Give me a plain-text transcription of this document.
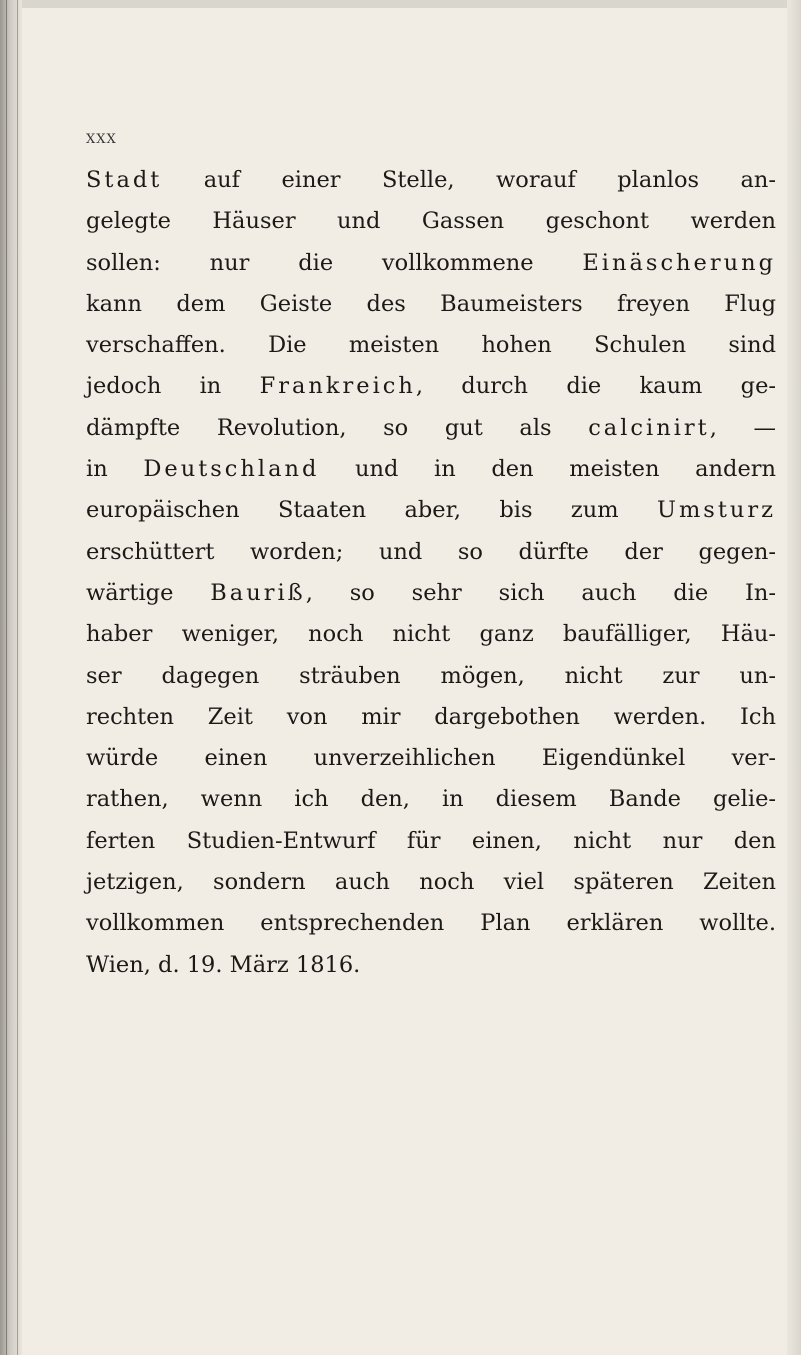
XXX
Stadt auf einer Stelle, worauf planlos an-
gelegte Häuser und Gassen geschont werden
sollen: nur die vollkommene Einäscherung
kann dem Geiste des Baumeisters freyen Flug
verschaffen. Die meisten hohen Schulen sind
jedoch in Frankreich, durch die kaum ge-
dämpfte Revolution, so gut als calcinirt, —
in Deutschland und in den meisten andern
europäischen Staaten aber, bis zum Umsturz
erschüttert worden; und so dürfte der gegen-
wärtige Bauriß, so sehr sich auch die In-
haber weniger, noch nicht ganz baufälliger, Häu-
ser dagegen sträuben mögen, nicht zur un-
rechten Zeit von mir dargebothen werden. Ich
würde einen unverzeihlichen Eigendünkel ver-
rathen, wenn ich den, in diesem Bande gelie-
ferten Studien-Entwurf für einen, nicht nur den
jetzigen, sondern auch noch viel späteren Zeiten
vollkommen entsprechenden Plan erklären wollte.
Wien, d. 19. März 1816.
